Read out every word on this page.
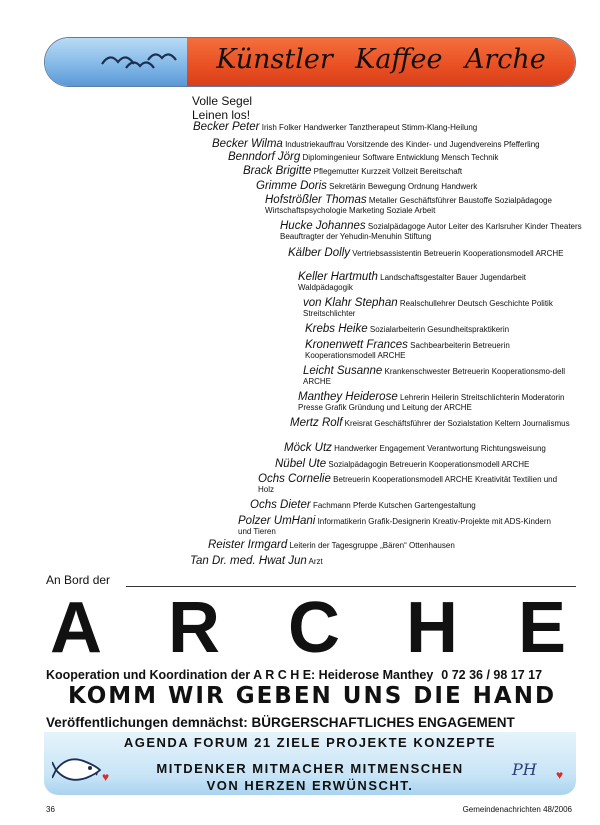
Künstler Kaffee Arche
Volle Segel
Leinen los!
Becker Peter Irish Folker Handwerker Tanztherapeut Stimm-Klang-Heilung
Becker Wilma Industriekauffrau Vorsitzende des Kinder- und Jugendvereins Pfefferling
Benndorf Jörg Diplomingenieur Software Entwicklung Mensch Technik
Brack Brigitte Pflegemutter Kurzzeit Vollzeit Bereitschaft
Grimme Doris Sekretärin Bewegung Ordnung Handwerk
Hofströßler Thomas Metaller Geschäftsführer Baustoffe Sozialpädagoge Wirtschaftspsychologie Marketing Soziale Arbeit
Hucke Johannes Sozialpädagoge Autor Leiter des Karlsruher Kinder Theaters Beauftragter der Yehudin-Menuhin Stiftung
Kälber Dolly Vertriebsassistentin Betreuerin Kooperationsmodell ARCHE
Keller Hartmuth Landschaftsgestalter Bauer Jugendarbeit Waldpädagogik
von Klahr Stephan Realschullehrer Deutsch Geschichte Politik Streitschlichter
Krebs Heike Sozialarbeiterin Gesundheitspraktikerin
Kronenwett Frances Sachbearbeiterin Betreuerin Kooperationsmodell ARCHE
Leicht Susanne Krankenschwester Betreuerin Kooperationsmo-dell ARCHE
Manthey Heiderose Lehrerin Heilerin Streitschlichterin Moderatorin Presse Grafik Gründung und Leitung der ARCHE
Mertz Rolf Kreisrat Geschäftsführer der Sozialstation Keltern Journalismus
Möck Utz Handwerker Engagement Verantwortung Richtungsweisung
Nübel Ute Sozialpädagogin Betreuerin Kooperationsmodell ARCHE
Ochs Cornelie Betreuerin Kooperationsmodell ARCHE Kreativität Textilien und Holz
Ochs Dieter Fachmann Pferde Kutschen Gartengestaltung
Polzer UmHani Informatikerin Grafik-Designerin Kreativ-Projekte mit ADS-Kindern und Tieren
Reister Irmgard Leiterin der Tagesgruppe „Bären“ Ottenhausen
Tan Dr. med. Hwat Jun Arzt
An Bord der
A R C H E
Kooperation und Koordination der A R C H E: Heiderose Manthey 0 72 36 / 98 17 17
KOMM WIR GEBEN UNS DIE HAND
Veröffentlichungen demnächst: BÜRGERSCHAFTLICHES ENGAGEMENT
AGENDA FORUM 21 ZIELE PROJEKTE KONZEPTE
MITDENKER MITMACHER MITMENSCHEN
VON HERZEN ERWÜNSCHT.
♥	PH ♥
36	Gemeindenachrichten 48/2006
